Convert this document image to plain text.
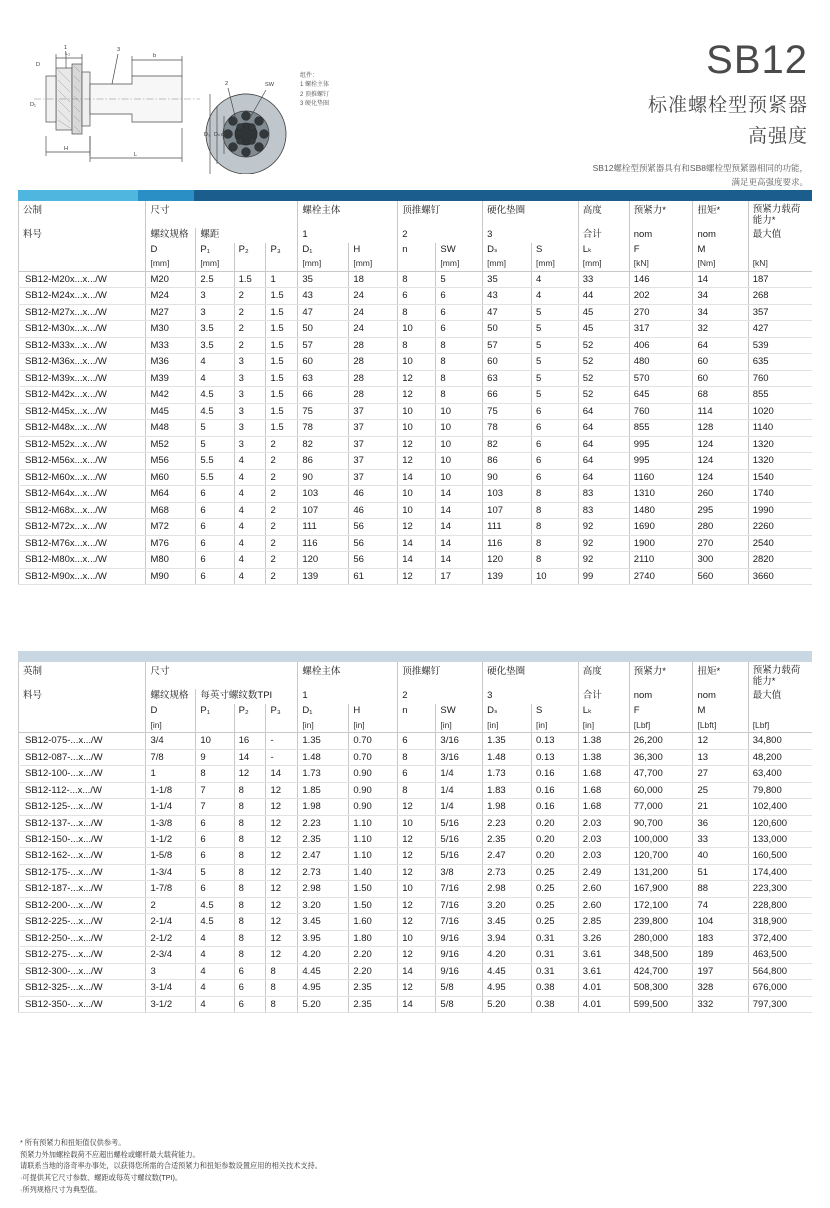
L₁	b
H
L
D
D₁
3
1
SW
2
Dₛ Dₙ d
组件：
1 螺栓主体
2 顶推螺钉
3 硬化垫圈
SB12
标准螺栓型预紧器
高强度
SB12螺栓型预紧器具有和SB8螺栓型预紧器相同的功能，
满足更高强度要求。
公制	尺寸				螺栓主体		顶推螺钉		硬化垫圈		高度	预紧力*	扭矩*	预紧力载荷能力*
料号	螺纹规格	螺距			1		2		3		合计	nom	nom	最大值
	D	P₁	P₂	P₃	D₁	H	n	SW	Dₛ	S	Lₖ	F	M	
	[mm]	[mm]			[mm]	[mm]		[mm]	[mm]	[mm]	[mm]	[kN]	[Nm]	[kN]
SB12-M20x...x.../W	M20	2.5	1.5	1	35	18	8	5	35	4	33	146	14	187
SB12-M24x...x.../W	M24	3	2	1.5	43	24	6	6	43	4	44	202	34	268
SB12-M27x...x.../W	M27	3	2	1.5	47	24	8	6	47	5	45	270	34	357
SB12-M30x...x.../W	M30	3.5	2	1.5	50	24	10	6	50	5	45	317	32	427
SB12-M33x...x.../W	M33	3.5	2	1.5	57	28	8	8	57	5	52	406	64	539
SB12-M36x...x.../W	M36	4	3	1.5	60	28	10	8	60	5	52	480	60	635
SB12-M39x...x.../W	M39	4	3	1.5	63	28	12	8	63	5	52	570	60	760
SB12-M42x...x.../W	M42	4.5	3	1.5	66	28	12	8	66	5	52	645	68	855
SB12-M45x...x.../W	M45	4.5	3	1.5	75	37	10	10	75	6	64	760	114	1020
SB12-M48x...x.../W	M48	5	3	1.5	78	37	10	10	78	6	64	855	128	1140
SB12-M52x...x.../W	M52	5	3	2	82	37	12	10	82	6	64	995	124	1320
SB12-M56x...x.../W	M56	5.5	4	2	86	37	12	10	86	6	64	995	124	1320
SB12-M60x...x.../W	M60	5.5	4	2	90	37	14	10	90	6	64	1160	124	1540
SB12-M64x...x.../W	M64	6	4	2	103	46	10	14	103	8	83	1310	260	1740
SB12-M68x...x.../W	M68	6	4	2	107	46	10	14	107	8	83	1480	295	1990
SB12-M72x...x.../W	M72	6	4	2	111	56	12	14	111	8	92	1690	280	2260
SB12-M76x...x.../W	M76	6	4	2	116	56	14	14	116	8	92	1900	270	2540
SB12-M80x...x.../W	M80	6	4	2	120	56	14	14	120	8	92	2110	300	2820
SB12-M90x...x.../W	M90	6	4	2	139	61	12	17	139	10	99	2740	560	3660
英制	尺寸				螺栓主体		顶推螺钉		硬化垫圈		高度	预紧力*	扭矩*	预紧力载荷能力*
料号	螺纹规格	每英寸螺纹数TPI			1		2		3		合计	nom	nom	最大值
	D	P₁	P₂	P₃	D₁	H	n	SW	Dₛ	S	Lₖ	F	M	
	[in]				[in]	[in]		[in]	[in]	[in]	[in]	[Lbf]	[Lbft]	[Lbf]
SB12-075-...x.../W	3/4	10	16	-	1.35	0.70	6	3/16	1.35	0.13	1.38	26,200	12	34,800
SB12-087-...x.../W	7/8	9	14	-	1.48	0.70	8	3/16	1.48	0.13	1.38	36,300	13	48,200
SB12-100-...x.../W	1	8	12	14	1.73	0.90	6	1/4	1.73	0.16	1.68	47,700	27	63,400
SB12-112-...x.../W	1-1/8	7	8	12	1.85	0.90	8	1/4	1.83	0.16	1.68	60,000	25	79,800
SB12-125-...x.../W	1-1/4	7	8	12	1.98	0.90	12	1/4	1.98	0.16	1.68	77,000	21	102,400
SB12-137-...x.../W	1-3/8	6	8	12	2.23	1.10	10	5/16	2.23	0.20	2.03	90,700	36	120,600
SB12-150-...x.../W	1-1/2	6	8	12	2.35	1.10	12	5/16	2.35	0.20	2.03	100,000	33	133,000
SB12-162-...x.../W	1-5/8	6	8	12	2.47	1.10	12	5/16	2.47	0.20	2.03	120,700	40	160,500
SB12-175-...x.../W	1-3/4	5	8	12	2.73	1.40	12	3/8	2.73	0.25	2.49	131,200	51	174,400
SB12-187-...x.../W	1-7/8	6	8	12	2.98	1.50	10	7/16	2.98	0.25	2.60	167,900	88	223,300
SB12-200-...x.../W	2	4.5	8	12	3.20	1.50	12	7/16	3.20	0.25	2.60	172,100	74	228,800
SB12-225-...x.../W	2-1/4	4.5	8	12	3.45	1.60	12	7/16	3.45	0.25	2.85	239,800	104	318,900
SB12-250-...x.../W	2-1/2	4	8	12	3.95	1.80	10	9/16	3.94	0.31	3.26	280,000	183	372,400
SB12-275-...x.../W	2-3/4	4	8	12	4.20	2.20	12	9/16	4.20	0.31	3.61	348,500	189	463,500
SB12-300-...x.../W	3	4	6	8	4.45	2.20	14	9/16	4.45	0.31	3.61	424,700	197	564,800
SB12-325-...x.../W	3-1/4	4	6	8	4.95	2.35	12	5/8	4.95	0.38	4.01	508,300	328	676,000
SB12-350-...x.../W	3-1/2	4	6	8	5.20	2.35	14	5/8	5.20	0.38	4.01	599,500	332	797,300
* 所有预紧力和扭矩值仅供参考。
预紧力外加螺栓载荷不应超出螺栓或螺杆最大载荷能力。
请联系当地的洛奇率办事处，以获得您所需的合适预紧力和扭矩参数设置应用的相关技术支持。
·可提供其它尺寸参数、螺距或每英寸螺纹数(TPI)。
·所列规格尺寸为典型值。
